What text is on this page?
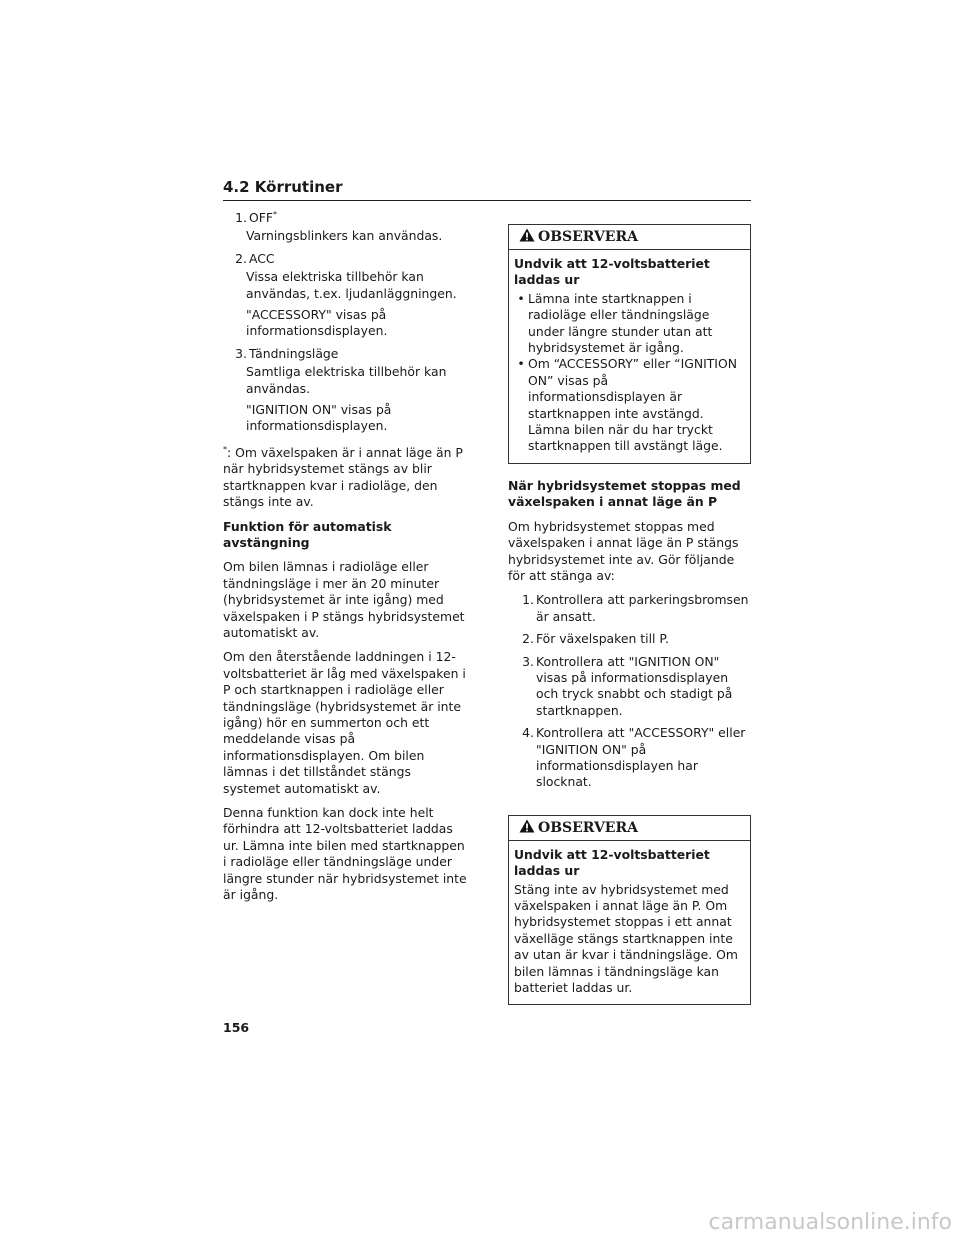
4.2 Körrutiner
1. OFF*
Varningsblinkers kan användas.
2. ACC
Vissa elektriska tillbehör kan användas, t.ex. ljudanläggningen.
"ACCESSORY" visas på informationsdisplayen.
3. Tändningsläge
Samtliga elektriska tillbehör kan användas.
"IGNITION ON" visas på informationsdisplayen.

*: Om växelspaken är i annat läge än P när hybridsystemet stängs av blir startknappen kvar i radioläge, den stängs inte av.

Funktion för automatisk avstängning

Om bilen lämnas i radioläge eller tändningsläge i mer än 20 minuter (hybridsystemet är inte igång) med växelspaken i P stängs hybridsystemet automatiskt av.

Om den återstående laddningen i 12-voltsbatteriet är låg med växelspaken i P och startknappen i radioläge eller tändningsläge (hybridsystemet är inte igång) hör en summerton och ett meddelande visas på informationsdisplayen. Om bilen lämnas i det tillståndet stängs systemet automatiskt av.

Denna funktion kan dock inte helt förhindra att 12-voltsbatteriet laddas ur. Lämna inte bilen med startknappen i radioläge eller tändningsläge under längre stunder när hybridsystemet inte är igång.

OBSERVERA

Undvik att 12-voltsbatteriet laddas ur

• Lämna inte startknappen i radioläge eller tändningsläge under längre stunder utan att hybridsystemet är igång.
• Om “ACCESSORY” eller “IGNITION ON” visas på informationsdisplayen är startknappen inte avstängd. Lämna bilen när du har tryckt startknappen till avstängt läge.

När hybridsystemet stoppas med växelspaken i annat läge än P

Om hybridsystemet stoppas med växelspaken i annat läge än P stängs hybridsystemet inte av. Gör följande för att stänga av:

1. Kontrollera att parkeringsbromsen är ansatt.
2. För växelspaken till P.
3. Kontrollera att "IGNITION ON" visas på informationsdisplayen och tryck snabbt och stadigt på startknappen.
4. Kontrollera att "ACCESSORY" eller "IGNITION ON" på informationsdisplayen har slocknat.
OBSERVERA

Undvik att 12-voltsbatteriet laddas ur

Stäng inte av hybridsystemet med växelspaken i annat läge än P. Om hybridsystemet stoppas i ett annat växelläge stängs startknappen inte av utan är kvar i tändningsläge. Om bilen lämnas i tändningsläge kan batteriet laddas ur.

156
carmanualsonline.info
